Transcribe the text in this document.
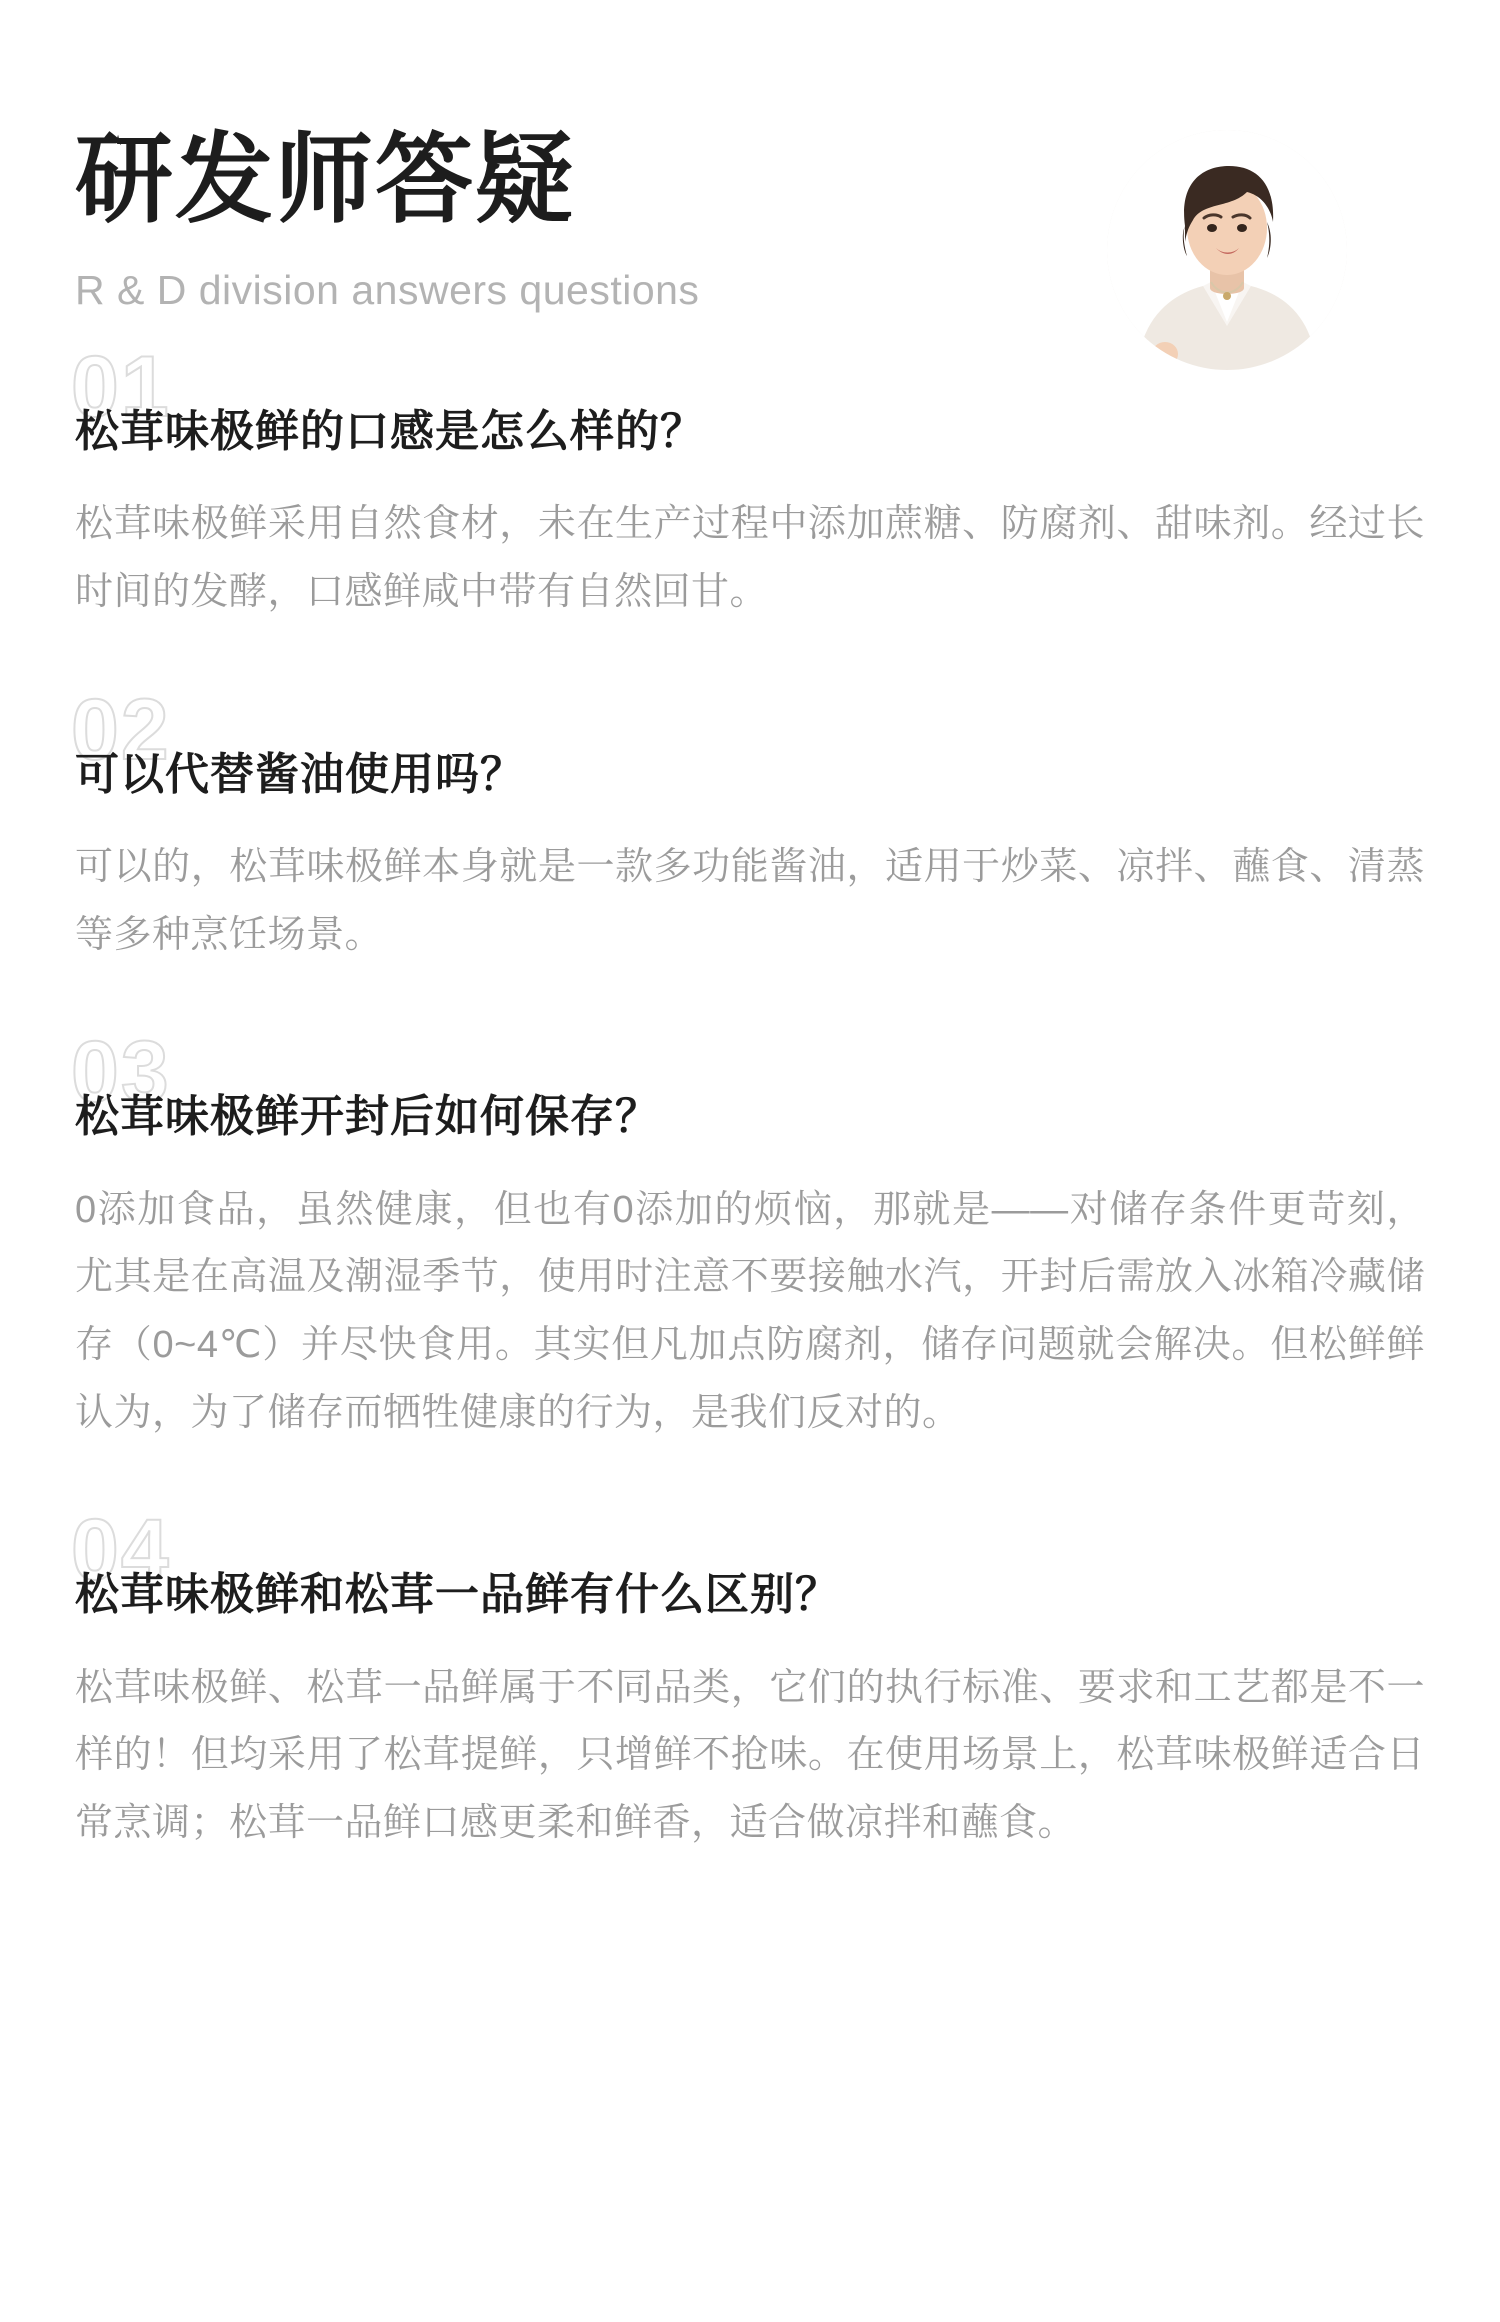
研发师答疑
R & D division answers questions
01
松茸味极鲜的口感是怎么样的？

松茸味极鲜采用自然食材，未在生产过程中添加蔗糖、防腐剂、甜味剂。经过长时间的发酵，口感鲜咸中带有自然回甘。

02
可以代替酱油使用吗？

可以的，松茸味极鲜本身就是一款多功能酱油，适用于炒菜、凉拌、蘸食、清蒸等多种烹饪场景。

03
松茸味极鲜开封后如何保存？

0添加食品，虽然健康，但也有0添加的烦恼，那就是——对储存条件更苛刻，尤其是在高温及潮湿季节，使用时注意不要接触水汽，开封后需放入冰箱冷藏储存（0~4℃）并尽快食用。其实但凡加点防腐剂，储存问题就会解决。但松鲜鲜认为，为了储存而牺牲健康的行为，是我们反对的。

04
松茸味极鲜和松茸一品鲜有什么区别？

松茸味极鲜、松茸一品鲜属于不同品类，它们的执行标准、要求和工艺都是不一样的！但均采用了松茸提鲜，只增鲜不抢味。在使用场景上，松茸味极鲜适合日常烹调；松茸一品鲜口感更柔和鲜香，适合做凉拌和蘸食。
